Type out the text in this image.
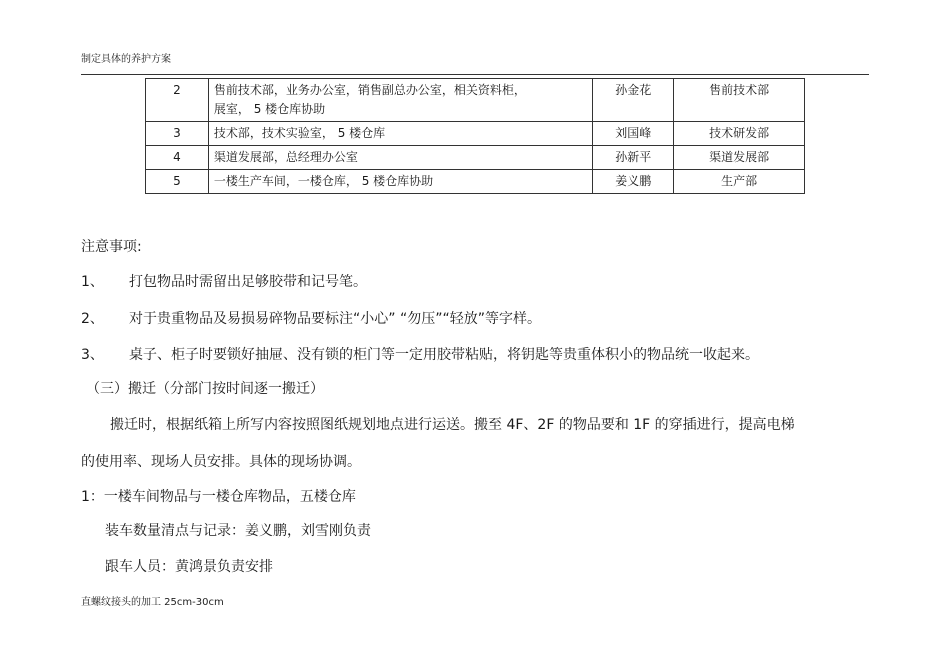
制定具体的养护方案
2	售前技术部，业务办公室，销售副总办公室，相关资料柜，
展室， 5 楼仓库协助	孙金花	售前技术部
3	技术部，技术实验室， 5 楼仓库	刘国峰	技术研发部
4	渠道发展部，总经理办公室	孙新平	渠道发展部
5	一楼生产车间，一楼仓库， 5 楼仓库协助	姜义鹏	生产部
注意事项:
1、 打包物品时需留出足够胶带和记号笔。
2、 对于贵重物品及易损易碎物品要标注“小心” “勿压”“轻放”等字样。
3、 桌子、柜子时要锁好抽屉、没有锁的柜门等一定用胶带粘贴，将钥匙等贵重体积小的物品统一收起来。
（三）搬迁（分部门按时间逐一搬迁）
搬迁时，根据纸箱上所写内容按照图纸规划地点进行运送。搬至 4F、2F 的物品要和 1F 的穿插进行，提高电梯
的使用率、现场人员安排。具体的现场协调。
1：一楼车间物品与一楼仓库物品，五楼仓库
装车数量清点与记录：姜义鹏，刘雪刚负责
跟车人员：黄鸿景负责安排
直螺纹接头的加工 25cm-30cm
